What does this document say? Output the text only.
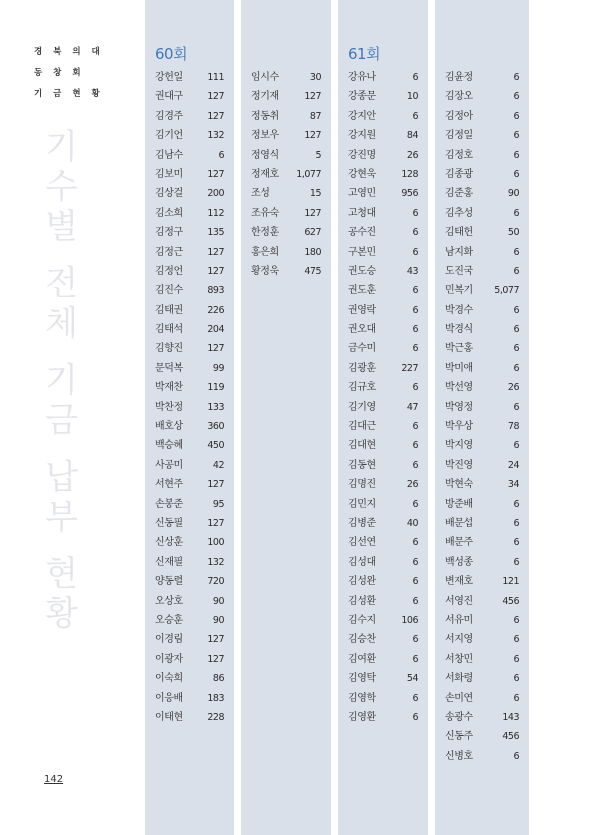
경 북 의 대
동 창 회
기 금 현 황
기수별 전체 기금 납부 현황
60회
강헌일	111
권대구	127
김경주	127
김기언	132
김남수	6
김보미	127
김상걸	200
김소희	112
김정구	135
김정근	127
김정언	127
김진수	893
김태권	226
김태석	204
김향진	127
문덕복	99
박재찬	119
박찬정	133
배호상	360
백승혜	450
사공미	42
서현주	127
손봉준	95
신동필	127
신상훈	100
신재필	132
양동렬	720
오상호	90
오승훈	90
이경림	127
이광자	127
이숙희	86
이응배	183
이태현	228
임시수	30
정기재	127
정동취	87
정보우	127
정영식	5
정재호 1,077
조성	15
조유숙	127
한정훈	627
홍은희	180
황정욱	475
61회
강유나	6
강종문	10
강지안	6
강지원	84
강진명	26
강현욱	128
고영민	956
고청대	6
공수진	6
구본민	6
권도승	43
권도훈	6
권영락	6
권오대	6
금수미	6
김광훈	227
김규호	6
김기영	47
김대근	6
김대현	6
김동현	6
김명진	26
김민지	6
김병준	40
김선연	6
김성대	6
김성완	6
김성환	6
김수지	106
김승찬	6
김여환	6
김영탁	54
김영학	6
김영환	6
김윤정	6
김장오	6
김정아	6
김정일	6
김정호	6
김종광	6
김준홍	90
김추성	6
김태헌	50
남지화	6
도진국	6
민복기 5,077
박경수	6
박경식	6
박근홍	6
박미애	6
박선영	26
박영정	6
박우상	78
박지영	6
박진영	24
박현숙	34
방준배	6
배문섭	6
배문주	6
백성종	6
변재호	121
서영진	456
서유미	6
서지영	6
서창민	6
서화령	6
손미연	6
송광수	143
신동주	456
신병호	6
142
